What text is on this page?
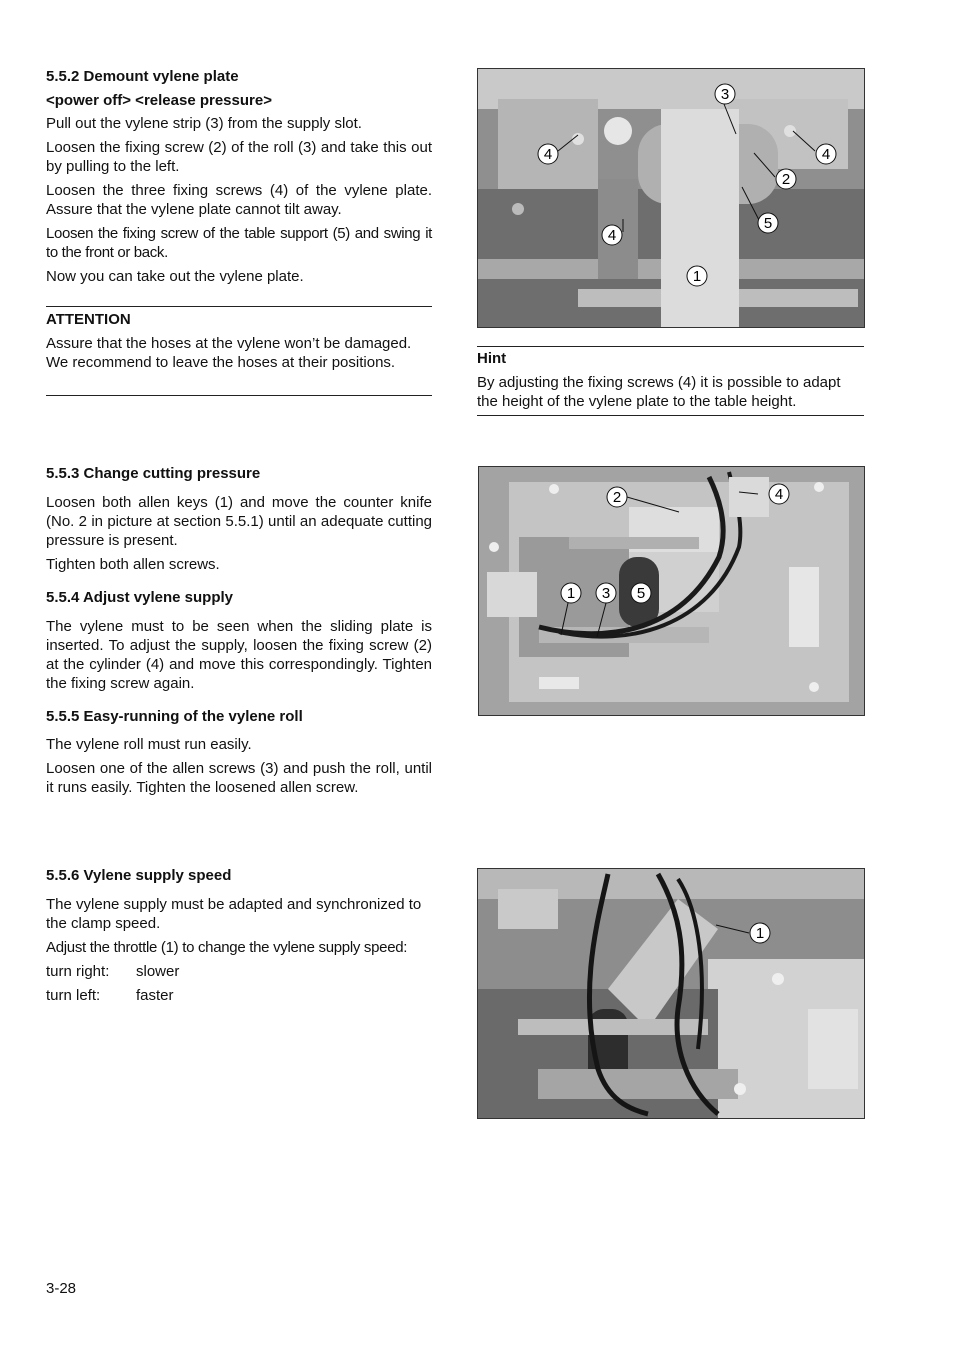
5.5.2 Demount vylene plate
<power off> <release pressure>
Pull out the vylene strip (3) from the supply slot.
Loosen the fixing screw (2) of the roll (3) and take this out by pulling to the left.
Loosen the three fixing screws (4) of the vylene plate. Assure that the vylene plate cannot tilt away.
Loosen the fixing screw of the table support (5) and swing it to the front or back.
Now you can take out the vylene plate.
ATTENTION
Assure that the hoses at the vylene won’t be damaged. We recommend to leave the hoses at their positions.
3
4	4
2
5
4
1
Hint
By adjusting the fixing screws (4) it is possible to adapt the height of the vylene plate to the table height.
5.5.3 Change cutting pressure
Loosen both allen keys (1) and move the counter knife (No. 2 in picture at section 5.5.1) until an adequate cutting pressure is present.
Tighten both allen screws.
2	4
1 3 5
5.5.4 Adjust vylene supply
The vylene must to be seen when the sliding plate is inserted. To adjust the supply, loosen the fixing screw (2) at the cylinder (4) and move this correspondingly. Tighten the fixing screw again.
5.5.5 Easy-running of the vylene roll
The vylene roll must run easily.
Loosen one of the allen screws (3) and push the roll, until it runs easily. Tighten the loosened allen screw.
5.5.6 Vylene supply speed
The vylene supply must be adapted and synchronized to the clamp speed.
Adjust the throttle (1) to change the vylene supply speed:
turn right: slower
turn left: faster
1
3-28
